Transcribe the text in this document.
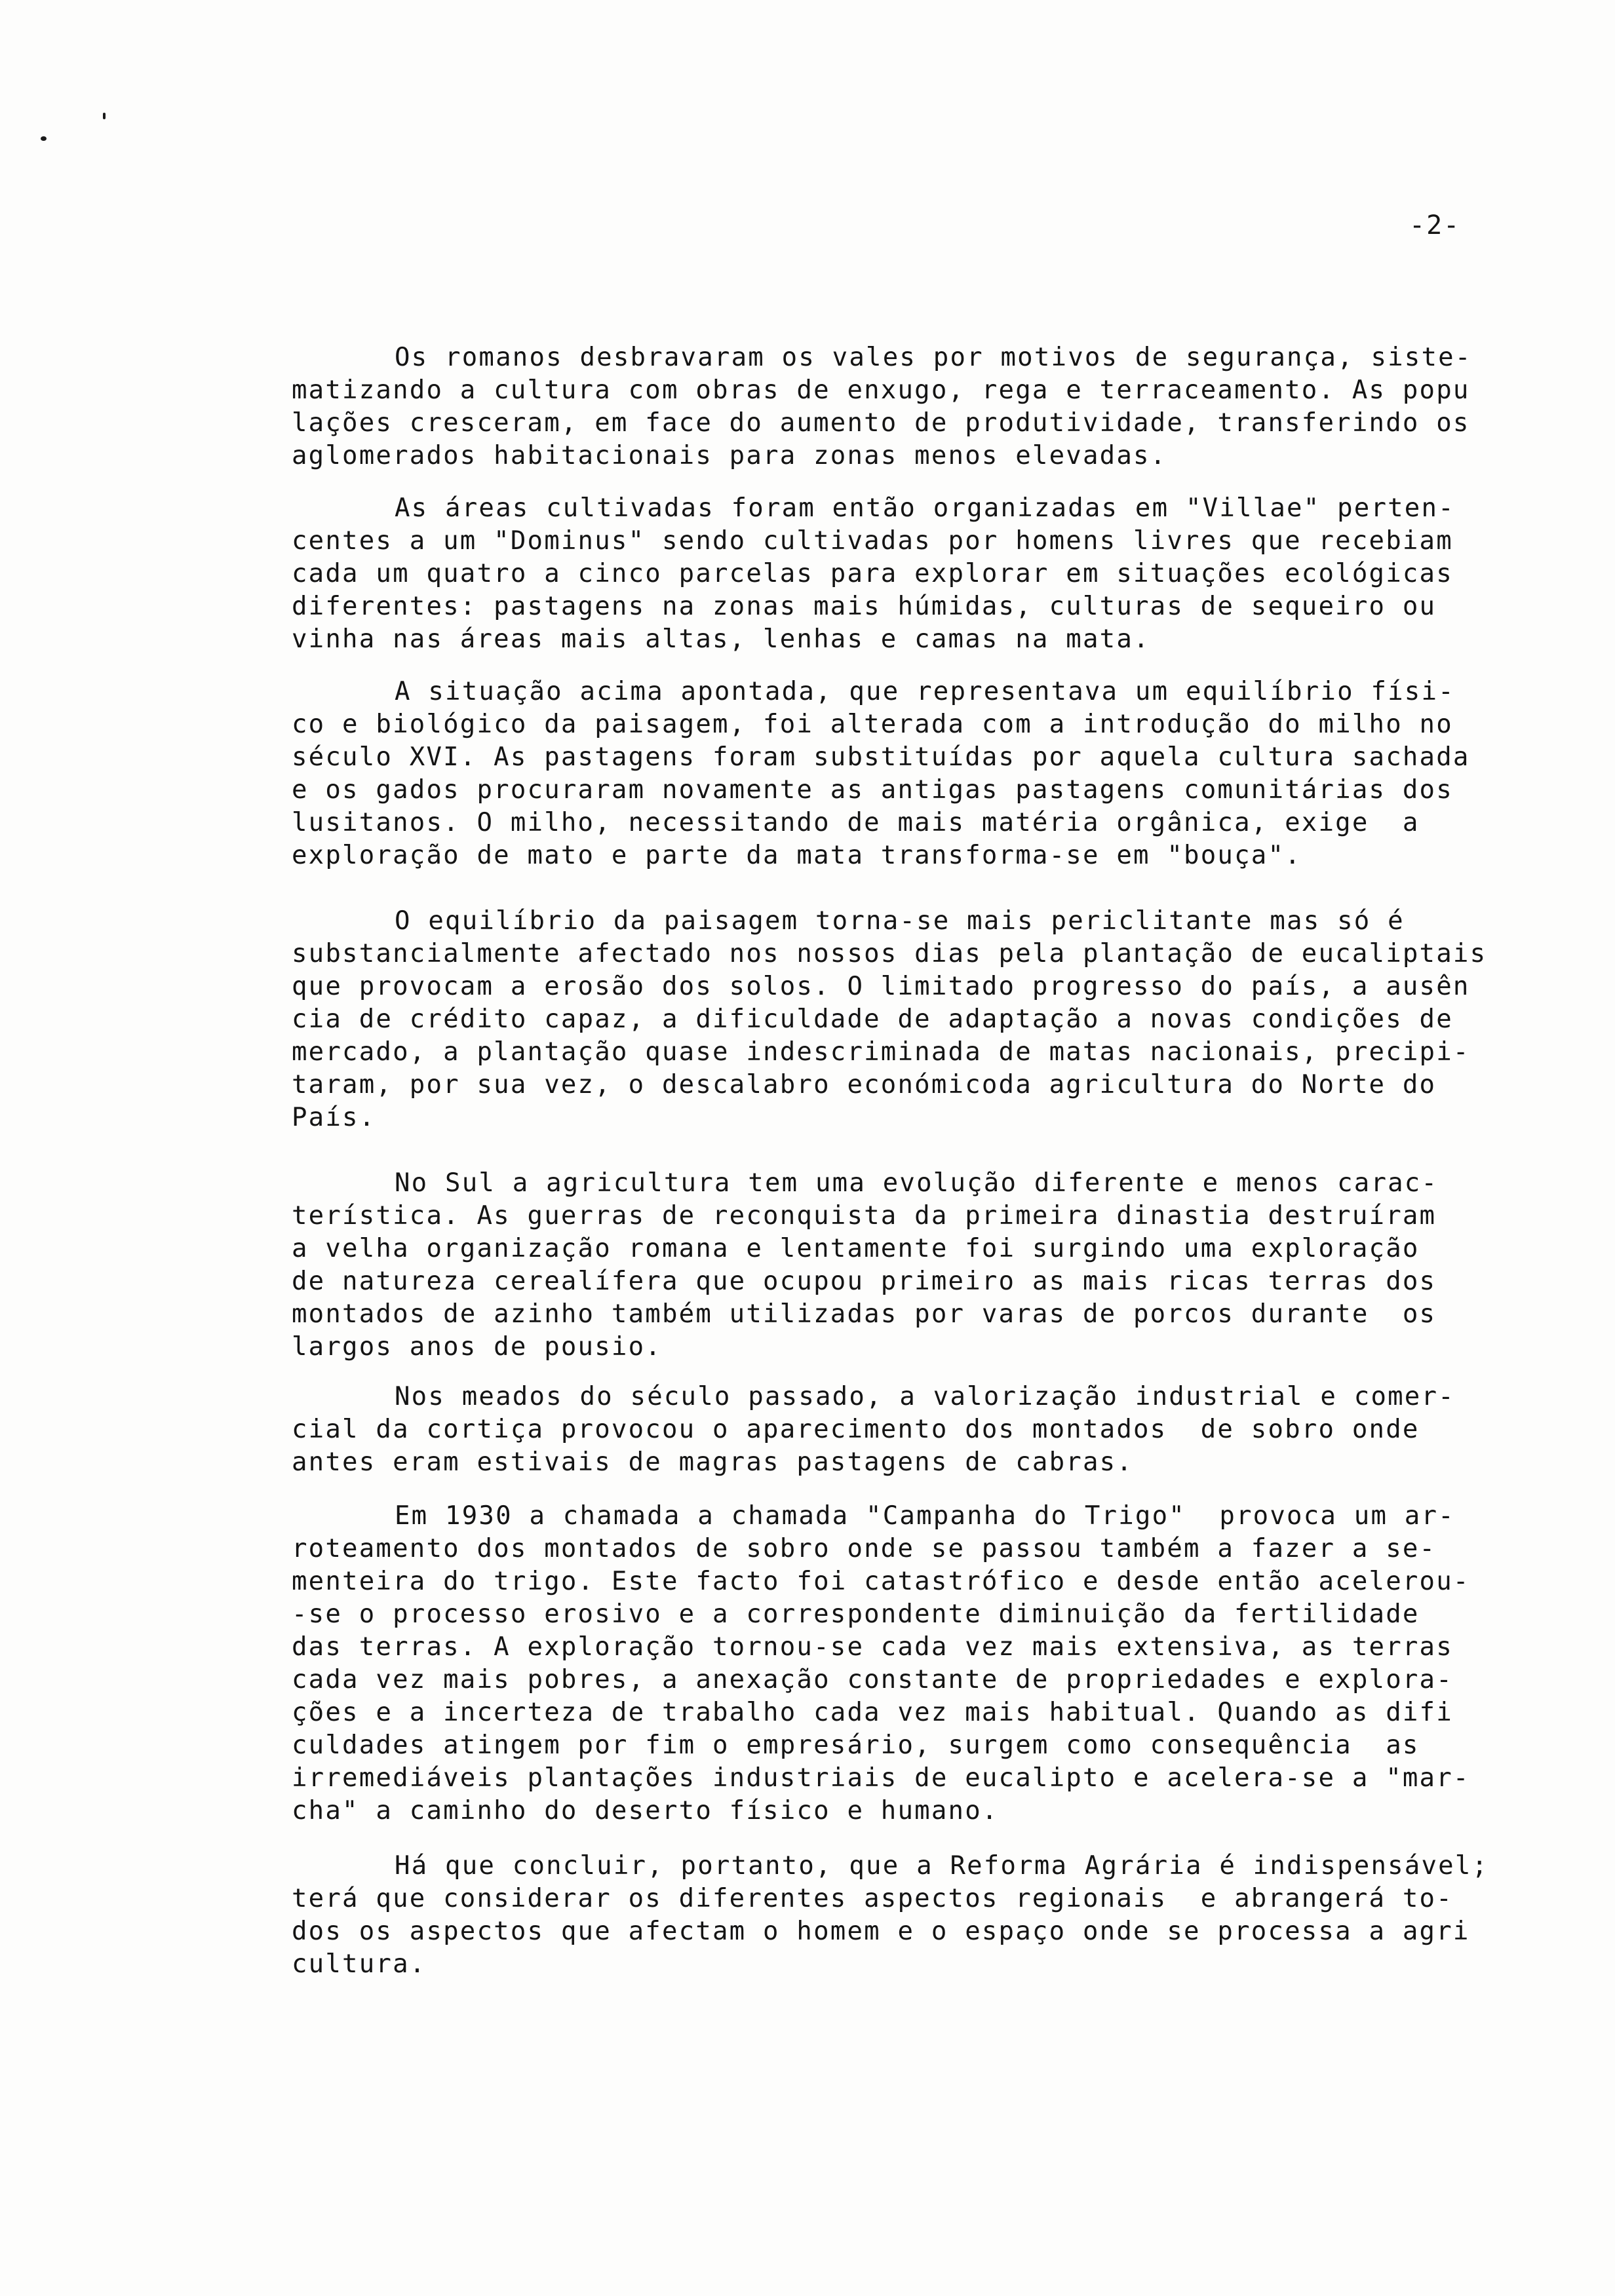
-2-
Os romanos desbravaram os vales por motivos de segurança, siste-
matizando a cultura com obras de enxugo, rega e terraceamento. As popu
lações cresceram, em face do aumento de produtividade, transferindo os
aglomerados habitacionais para zonas menos elevadas.
As áreas cultivadas foram então organizadas em "Villae" perten-
centes a um "Dominus" sendo cultivadas por homens livres que recebiam
cada um quatro a cinco parcelas para explorar em situações ecológicas
diferentes: pastagens na zonas mais húmidas, culturas de sequeiro ou
vinha nas áreas mais altas, lenhas e camas na mata.
A situação acima apontada, que representava um equilíbrio físi-
co e biológico da paisagem, foi alterada com a introdução do milho no
século XVI. As pastagens foram substituídas por aquela cultura sachada
e os gados procuraram novamente as antigas pastagens comunitárias dos
lusitanos. O milho, necessitando de mais matéria orgânica, exige  a
exploração de mato e parte da mata transforma-se em "bouça".
O equilíbrio da paisagem torna-se mais periclitante mas só é
substancialmente afectado nos nossos dias pela plantação de eucaliptais
que provocam a erosão dos solos. O limitado progresso do país, a ausên
cia de crédito capaz, a dificuldade de adaptação a novas condições de
mercado, a plantação quase indescriminada de matas nacionais, precipi-
taram, por sua vez, o descalabro económicoda agricultura do Norte do
País.
No Sul a agricultura tem uma evolução diferente e menos carac-
terística. As guerras de reconquista da primeira dinastia destruíram
a velha organização romana e lentamente foi surgindo uma exploração
de natureza cerealífera que ocupou primeiro as mais ricas terras dos
montados de azinho também utilizadas por varas de porcos durante  os
largos anos de pousio.
Nos meados do século passado, a valorização industrial e comer-
cial da cortiça provocou o aparecimento dos montados  de sobro onde
antes eram estivais de magras pastagens de cabras.
Em 1930 a chamada a chamada "Campanha do Trigo"  provoca um ar-
roteamento dos montados de sobro onde se passou também a fazer a se-
menteira do trigo. Este facto foi catastrófico e desde então acelerou-
-se o processo erosivo e a correspondente diminuição da fertilidade
das terras. A exploração tornou-se cada vez mais extensiva, as terras
cada vez mais pobres, a anexação constante de propriedades e explora-
ções e a incerteza de trabalho cada vez mais habitual. Quando as difi
culdades atingem por fim o empresário, surgem como consequência  as
irremediáveis plantações industriais de eucalipto e acelera-se a "mar-
cha" a caminho do deserto físico e humano.
Há que concluir, portanto, que a Reforma Agrária é indispensável;
terá que considerar os diferentes aspectos regionais  e abrangerá to-
dos os aspectos que afectam o homem e o espaço onde se processa a agri
cultura.
